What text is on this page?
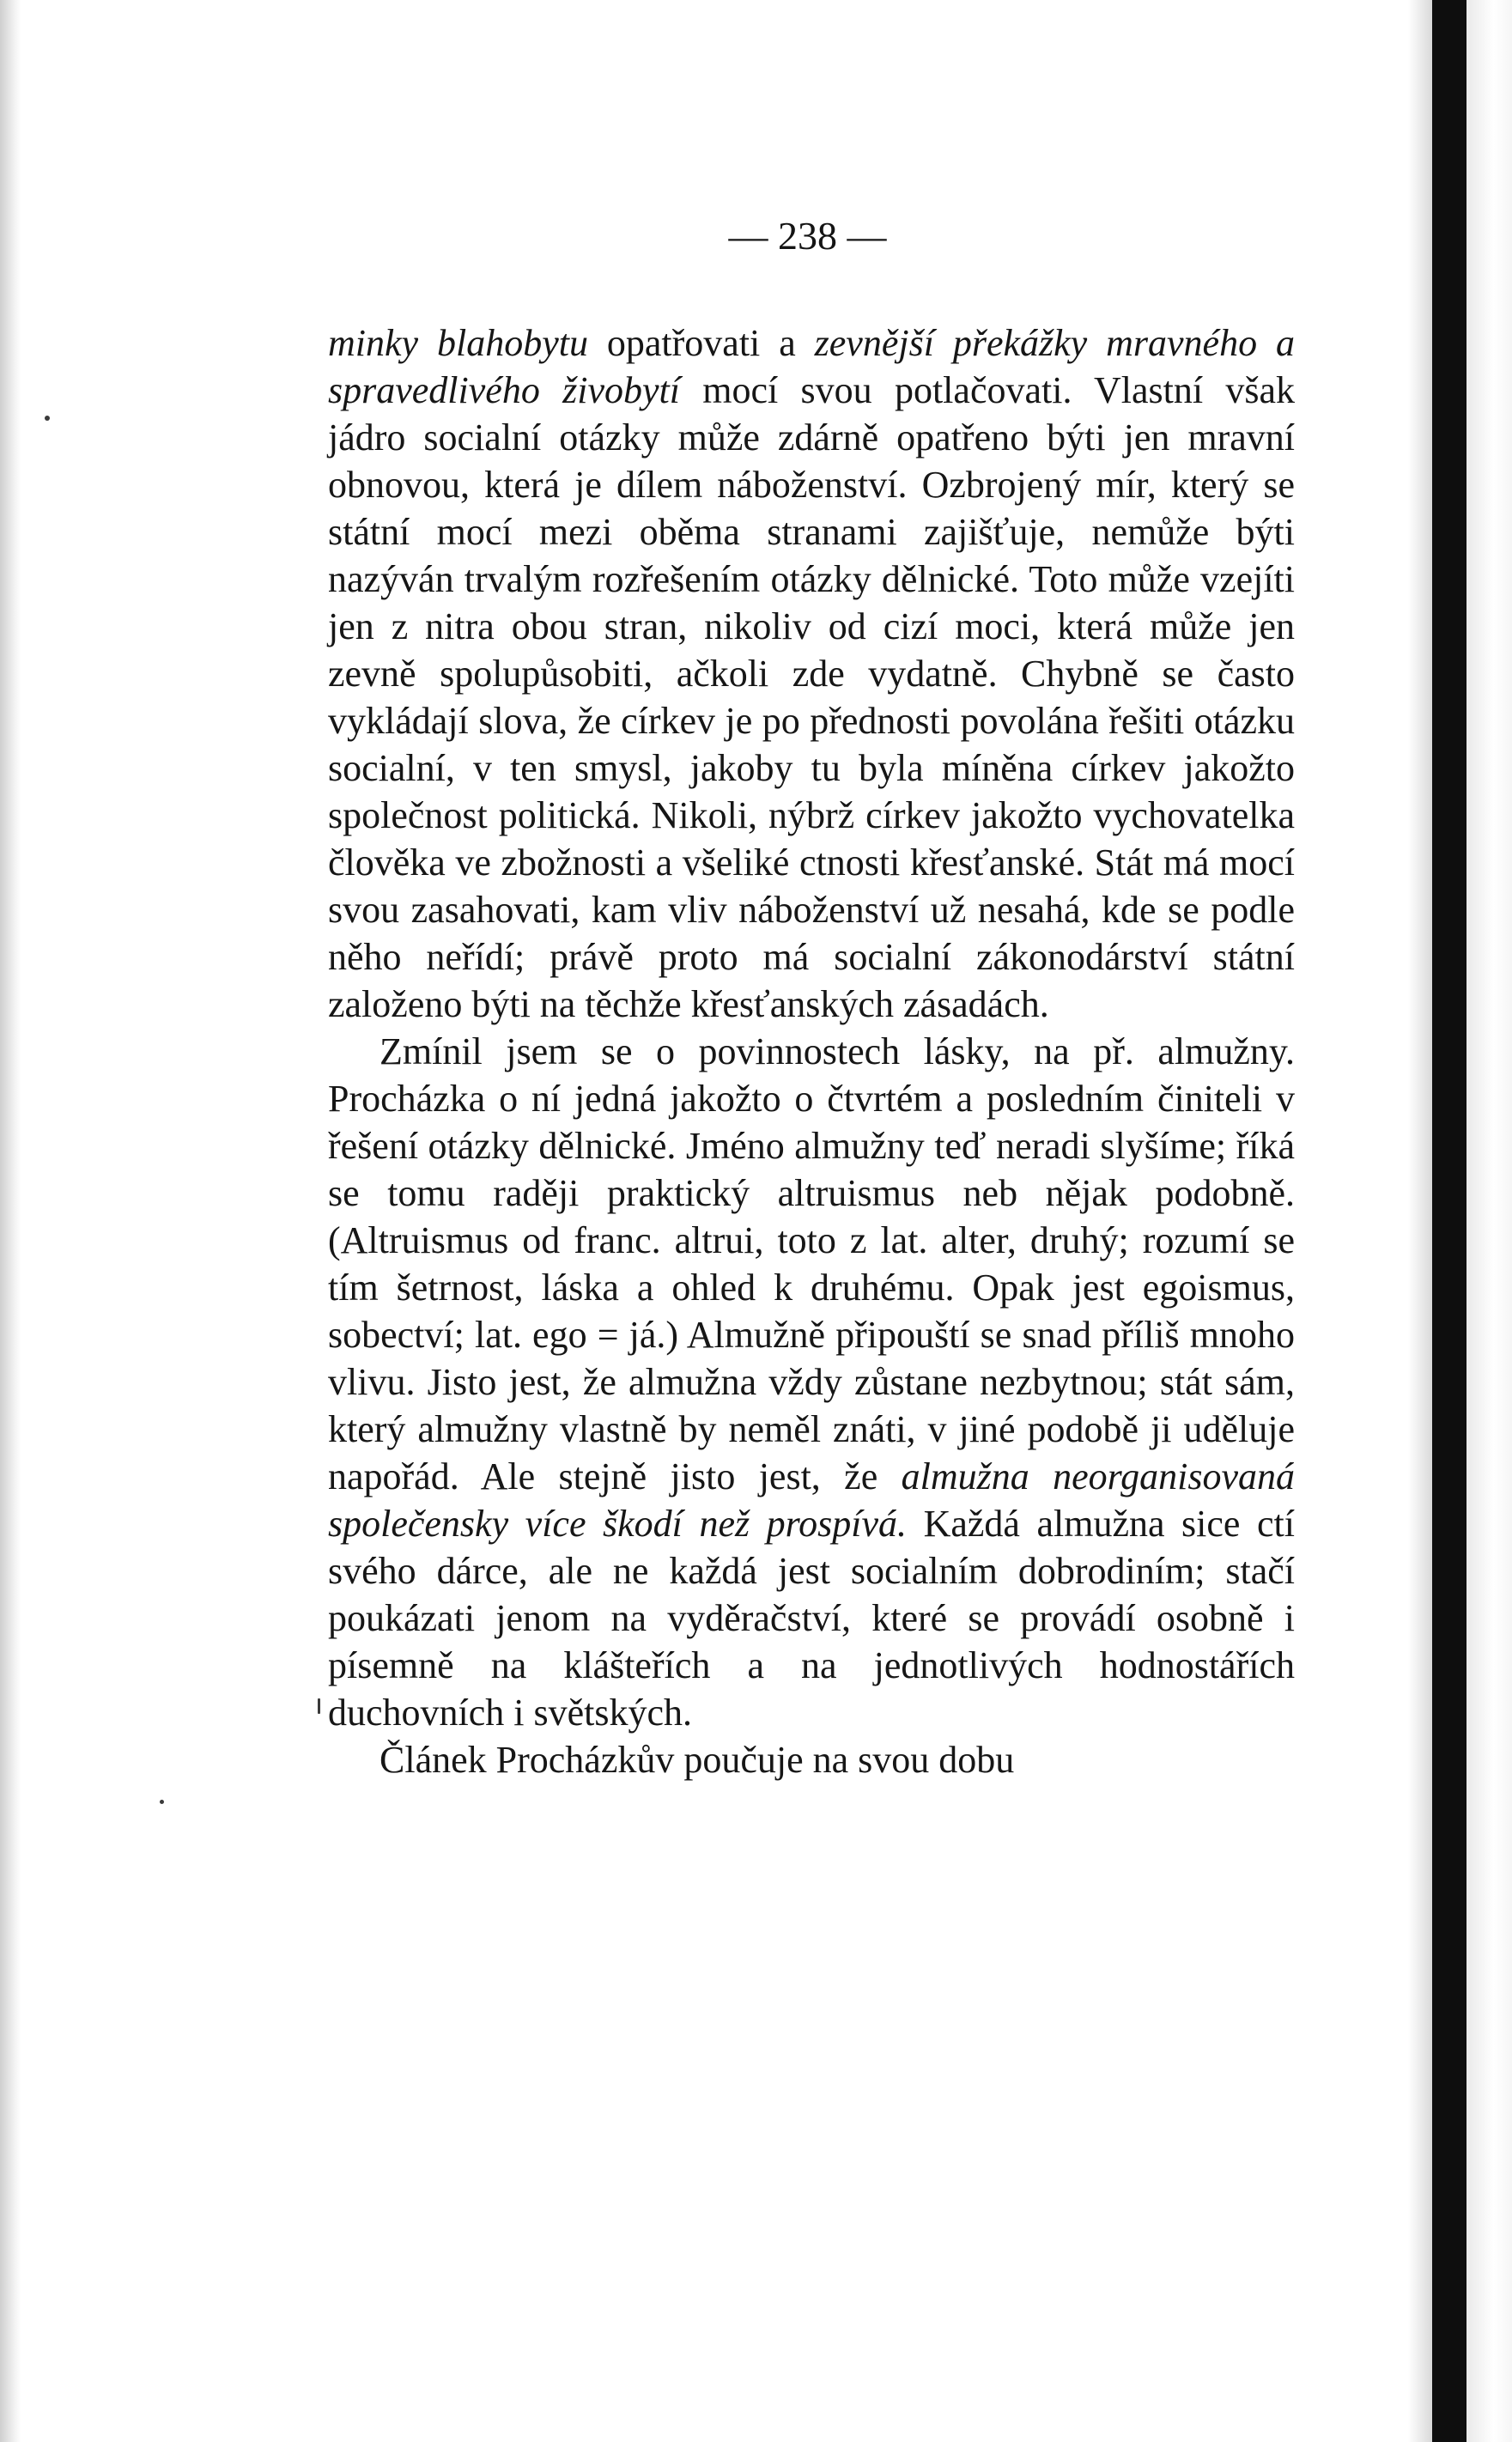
— 238 —

minky blahobytu opatřovati a zevnější překážky mravného a spravedlivého živobytí mocí svou potlačovati. Vlastní však jádro socialní otázky může zdárně opatřeno býti jen mravní obnovou, která je dílem náboženství. Ozbrojený mír, který se státní mocí mezi oběma stranami zajišťuje, nemůže býti nazýván trvalým rozřešením otázky dělnické. Toto může vzejíti jen z nitra obou stran, nikoliv od cizí moci, která může jen zevně spolupůsobiti, ačkoli zde vydatně. Chybně se často vykládají slova, že církev je po přednosti povolána řešiti otázku socialní, v ten smysl, jakoby tu byla míněna církev jakožto společnost politická. Nikoli, nýbrž církev jakožto vychovatelka člověka ve zbožnosti a všeliké ctnosti křesťanské. Stát má mocí svou zasahovati, kam vliv náboženství už nesahá, kde se podle něho neřídí; právě proto má socialní zákonodárství státní založeno býti na těchže křesťanských zásadách.

Zmínil jsem se o povinnostech lásky, na př. almužny. Procházka o ní jedná jakožto o čtvrtém a posledním činiteli v řešení otázky dělnické. Jméno almužny teď neradi slyšíme; říká se tomu raději praktický altruismus neb nějak podobně. (Altruismus od franc. altrui, toto z lat. alter, druhý; rozumí se tím šetrnost, láska a ohled k druhému. Opak jest egoismus, sobectví; lat. ego = já.) Almužně připouští se snad příliš mnoho vlivu. Jisto jest, že almužna vždy zůstane nezbytnou; stát sám, který almužny vlastně by neměl znáti, v jiné podobě ji uděluje napořád. Ale stejně jisto jest, že almužna neorganisovaná společensky více škodí než prospívá. Každá almužna sice ctí svého dárce, ale ne každá jest socialním dobrodiním; stačí poukázati jenom na vyděračství, které se provádí osobně i písemně na klášteřích a na jednotlivých hodnostářích duchovních i světských.

Článek Procházkův poučuje na svou dobu
